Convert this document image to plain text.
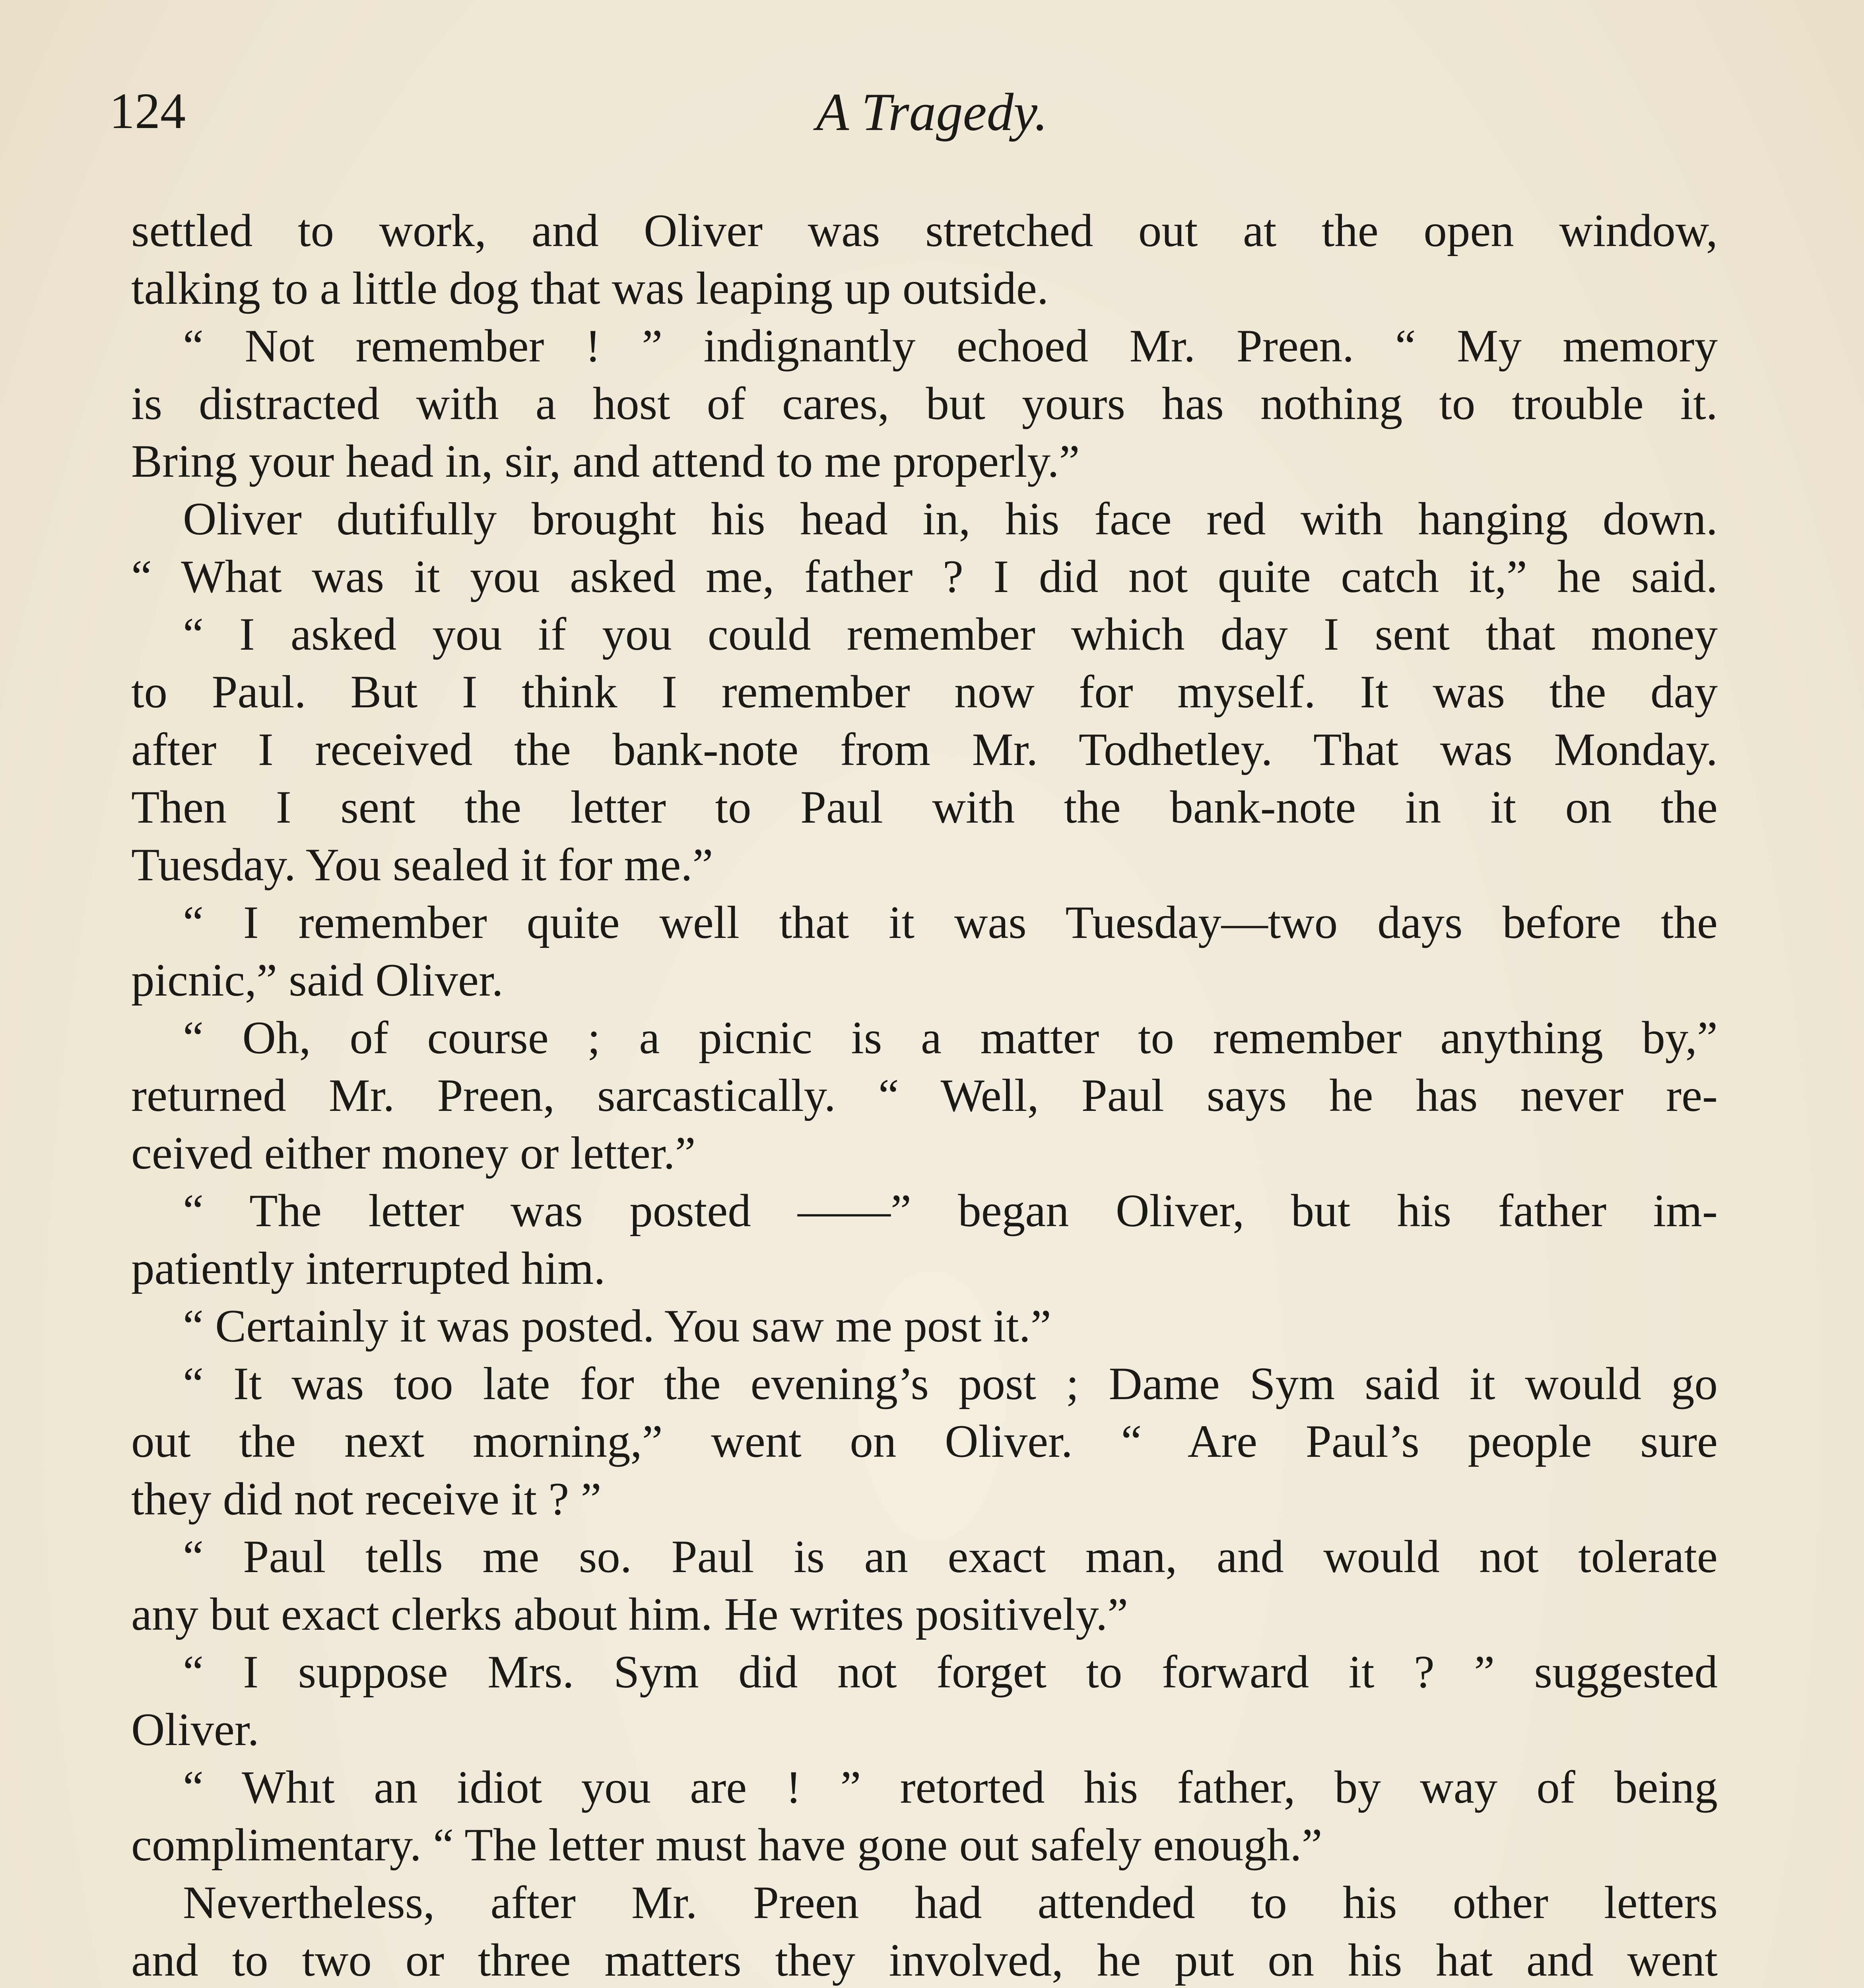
124	A Tragedy.
settled to work, and Oliver was stretched out at the open window,
talking to a little dog that was leaping up outside.
“ Not remember ! ” indignantly echoed Mr. Preen. “ My memory
is distracted with a host of cares, but yours has nothing to trouble it.
Bring your head in, sir, and attend to me properly.”
Oliver dutifully brought his head in, his face red with hanging down.
“ What was it you asked me, father ? I did not quite catch it,” he said.
“ I asked you if you could remember which day I sent that money
to Paul. But I think I remember now for myself. It was the day
after I received the bank-note from Mr. Todhetley. That was Monday.
Then I sent the letter to Paul with the bank-note in it on the
Tuesday. You sealed it for me.”
“ I remember quite well that it was Tuesday—two days before the
picnic,” said Oliver.
“ Oh, of course ; a picnic is a matter to remember anything by,”
returned Mr. Preen, sarcastically. “ Well, Paul says he has never re-
ceived either money or letter.”
“ The letter was posted ——” began Oliver, but his father im-
patiently interrupted him.
“ Certainly it was posted. You saw me post it.”
“ It was too late for the evening’s post ; Dame Sym said it would go
out the next morning,” went on Oliver. “ Are Paul’s people sure
they did not receive it ? ”
“ Paul tells me so. Paul is an exact man, and would not tolerate
any but exact clerks about him. He writes positively.”
“ I suppose Mrs. Sym did not forget to forward it ? ” suggested
Oliver.
“ Whıt an idiot you are ! ” retorted his father, by way of being
complimentary. “ The letter must have gone out safely enough.”
Nevertheless, after Mr. Preen had attended to his other letters
and to two or three matters they involved, he put on his hat and went
